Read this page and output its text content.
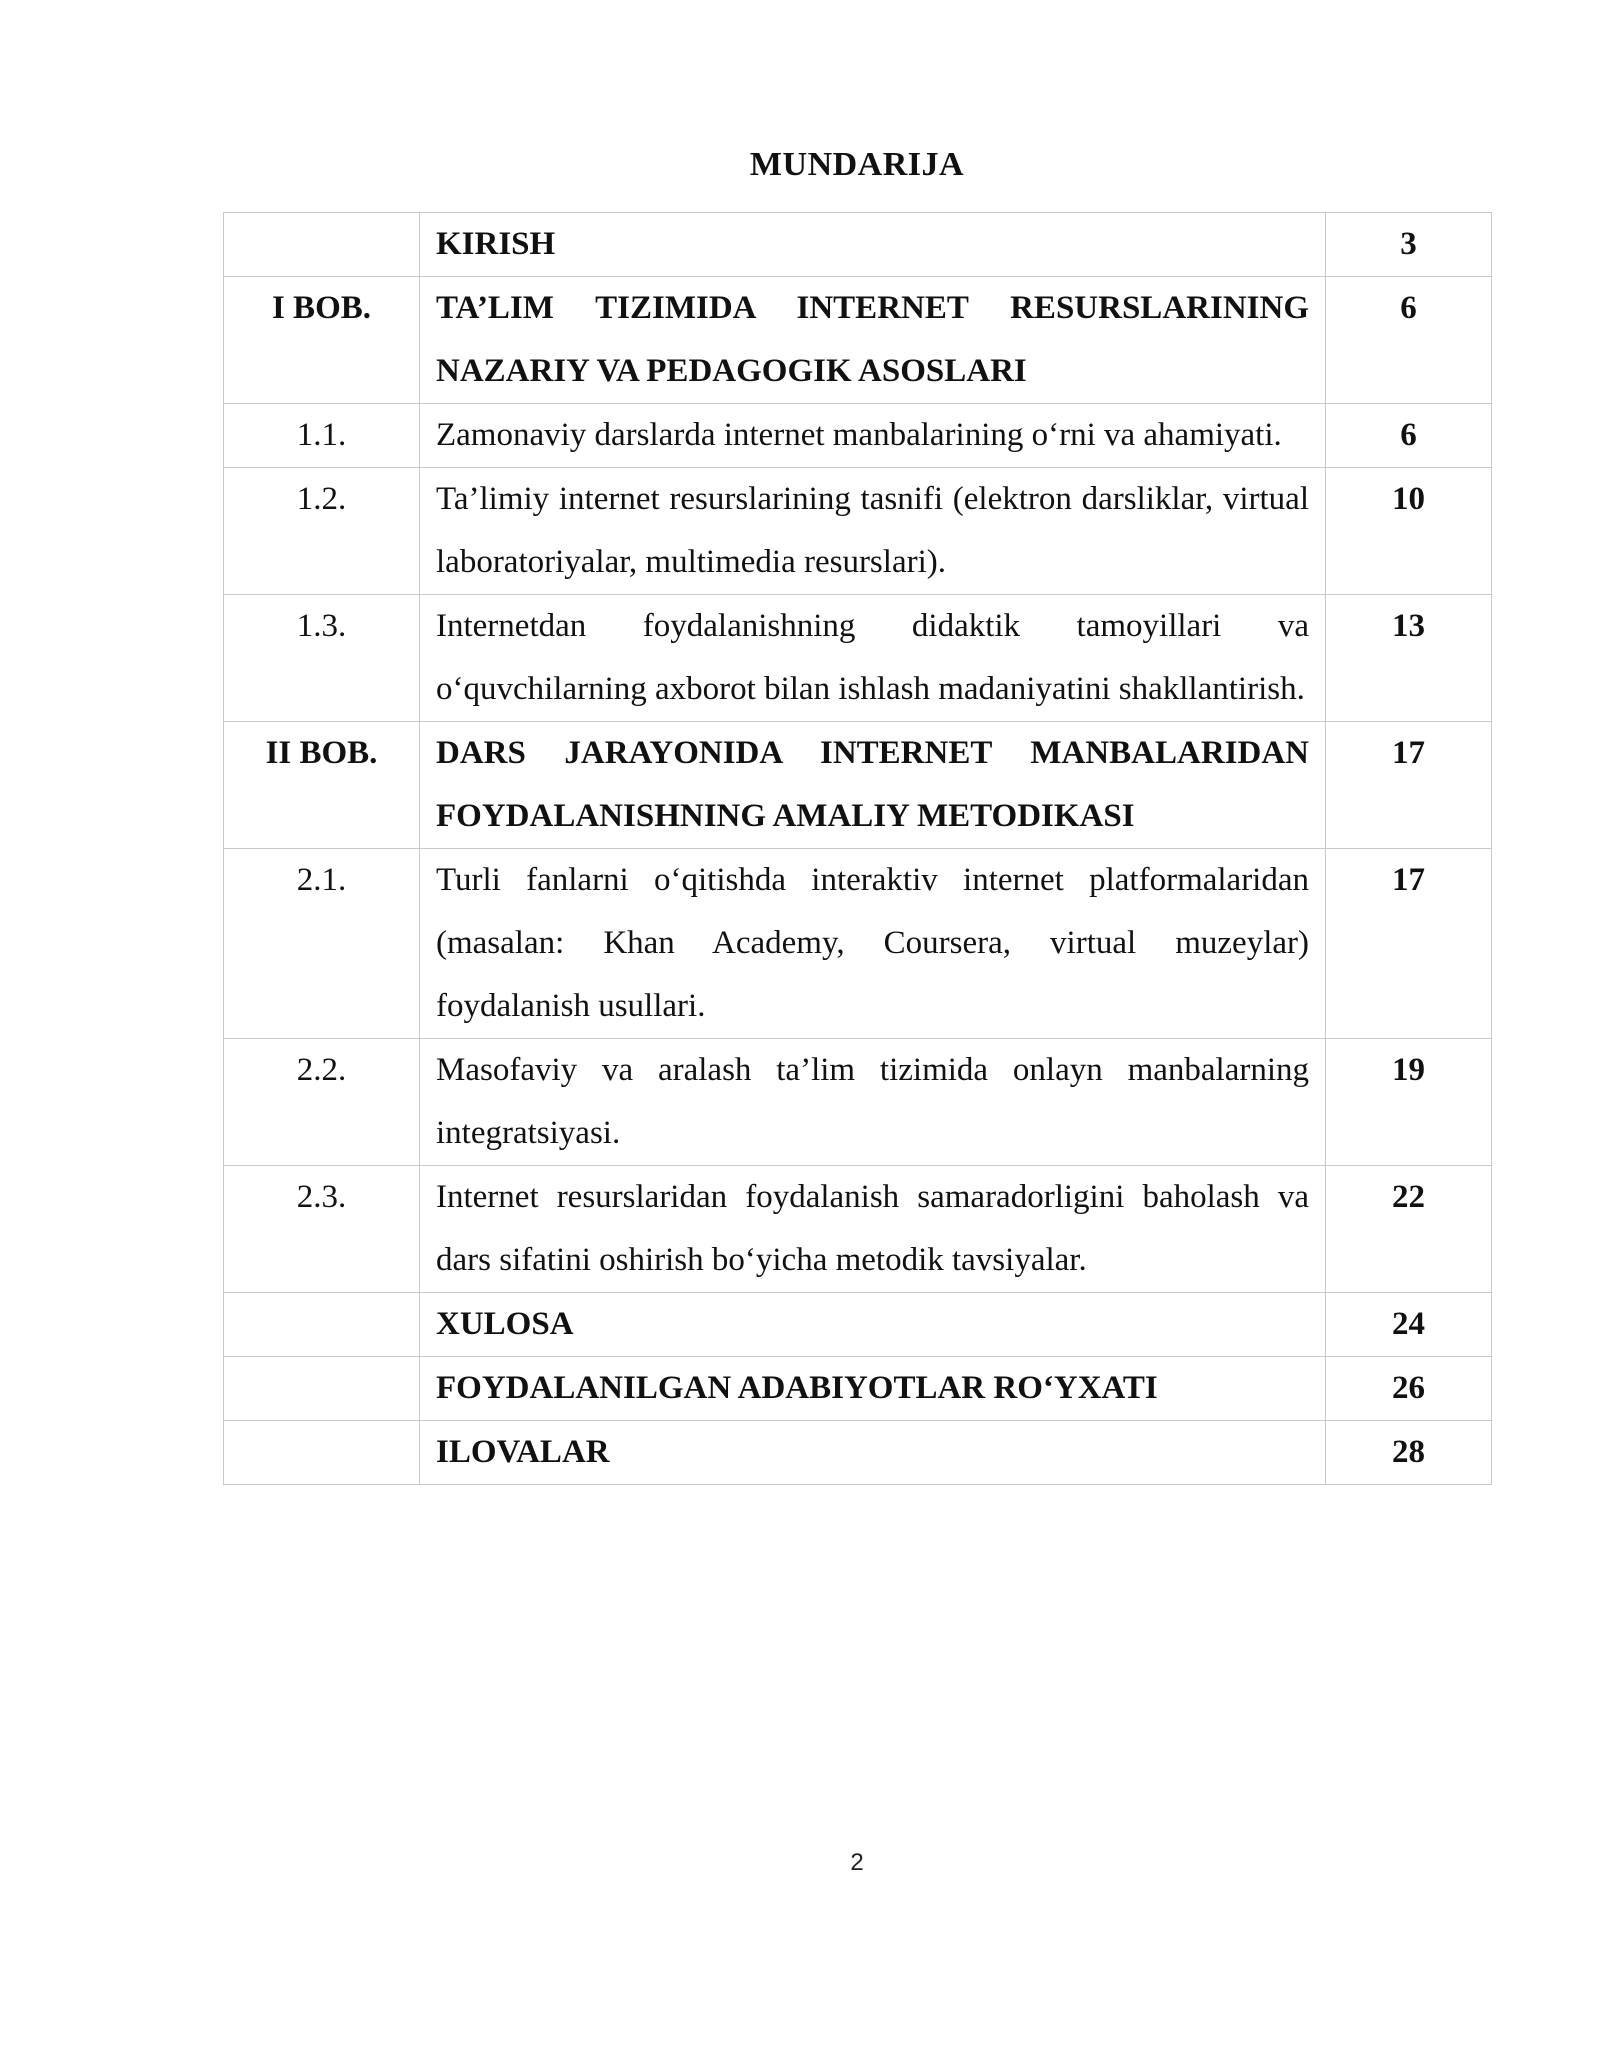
MUNDARIJA
	KIRISH	3
I BOB.	TA’LIM TIZIMIDA INTERNET RESURSLARINING NAZARIY VA PEDAGOGIK ASOSLARI	6
1.1.	Zamonaviy darslarda internet manbalarining o‘rni va ahamiyati.	6
1.2.	Ta’limiy internet resurslarining tasnifi (elektron darsliklar, virtual laboratoriyalar, multimedia resurslari).	10
1.3.	Internetdan foydalanishning didaktik tamoyillari va o‘quvchilarning axborot bilan ishlash madaniyatini shakllantirish.	13
II BOB.	DARS JARAYONIDA INTERNET MANBALARIDAN FOYDALANISHNING AMALIY METODIKASI	17
2.1.	Turli fanlarni o‘qitishda interaktiv internet platformalaridan (masalan: Khan Academy, Coursera, virtual muzeylar) foydalanish usullari.	17
2.2.	Masofaviy va aralash ta’lim tizimida onlayn manbalarning integratsiyasi.	19
2.3.	Internet resurslaridan foydalanish samaradorligini baholash va dars sifatini oshirish bo‘yicha metodik tavsiyalar.	22
	XULOSA	24
	FOYDALANILGAN ADABIYOTLAR RO‘YXATI	26
	ILOVALAR	28
2
